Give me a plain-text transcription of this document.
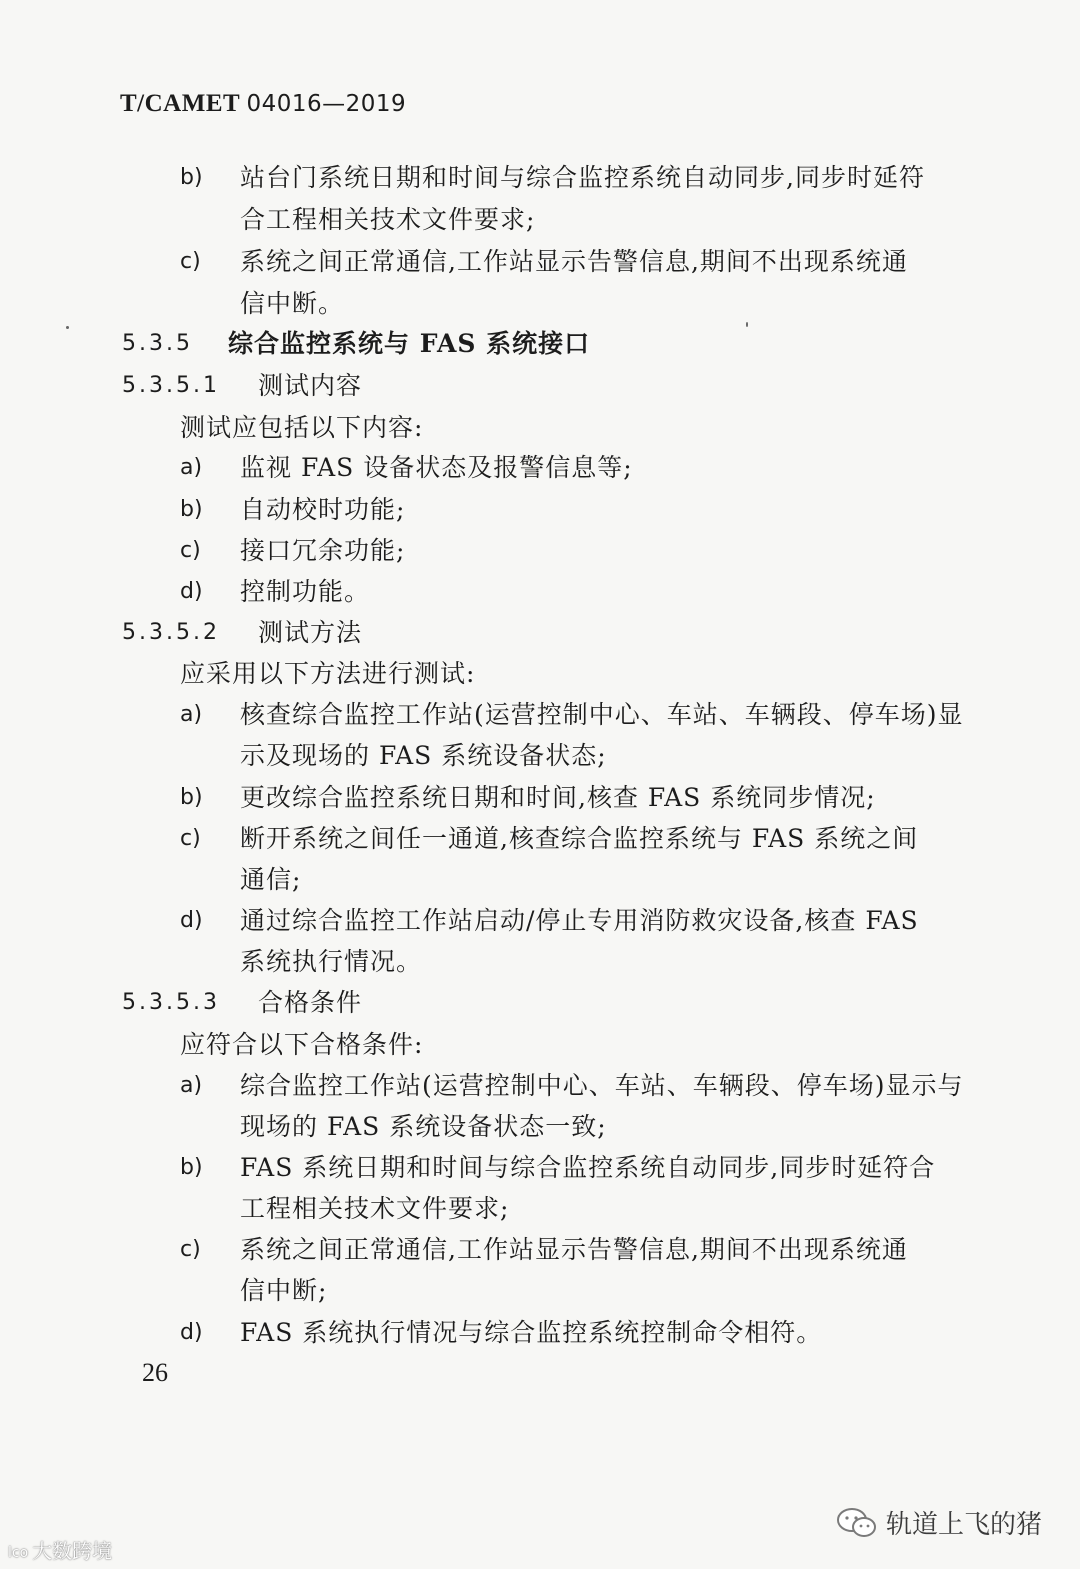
T/CAMET 04016—2019
b) 站台门系统日期和时间与综合监控系统自动同步,同步时延符
合工程相关技术文件要求;
c) 系统之间正常通信,工作站显示告警信息,期间不出现系统通
信中断。
5.3.5 综合监控系统与 FAS 系统接口
5.3.5.1 测试内容
测试应包括以下内容:
a) 监视 FAS 设备状态及报警信息等;
b) 自动校时功能;
c) 接口冗余功能;
d) 控制功能。
5.3.5.2 测试方法
应采用以下方法进行测试:
a) 核查综合监控工作站(运营控制中心、车站、车辆段、停车场)显
示及现场的 FAS 系统设备状态;
b) 更改综合监控系统日期和时间,核查 FAS 系统同步情况;
c) 断开系统之间任一通道,核查综合监控系统与 FAS 系统之间
通信;
d) 通过综合监控工作站启动/停止专用消防救灾设备,核查 FAS
系统执行情况。
5.3.5.3 合格条件
应符合以下合格条件:
a) 综合监控工作站(运营控制中心、车站、车辆段、停车场)显示与
现场的 FAS 系统设备状态一致;
b) FAS 系统日期和时间与综合监控系统自动同步,同步时延符合
工程相关技术文件要求;
c) 系统之间正常通信,工作站显示告警信息,期间不出现系统通
信中断;
d) FAS 系统执行情况与综合监控系统控制命令相符。
26
lco 大数跨境
轨道上飞的猪
